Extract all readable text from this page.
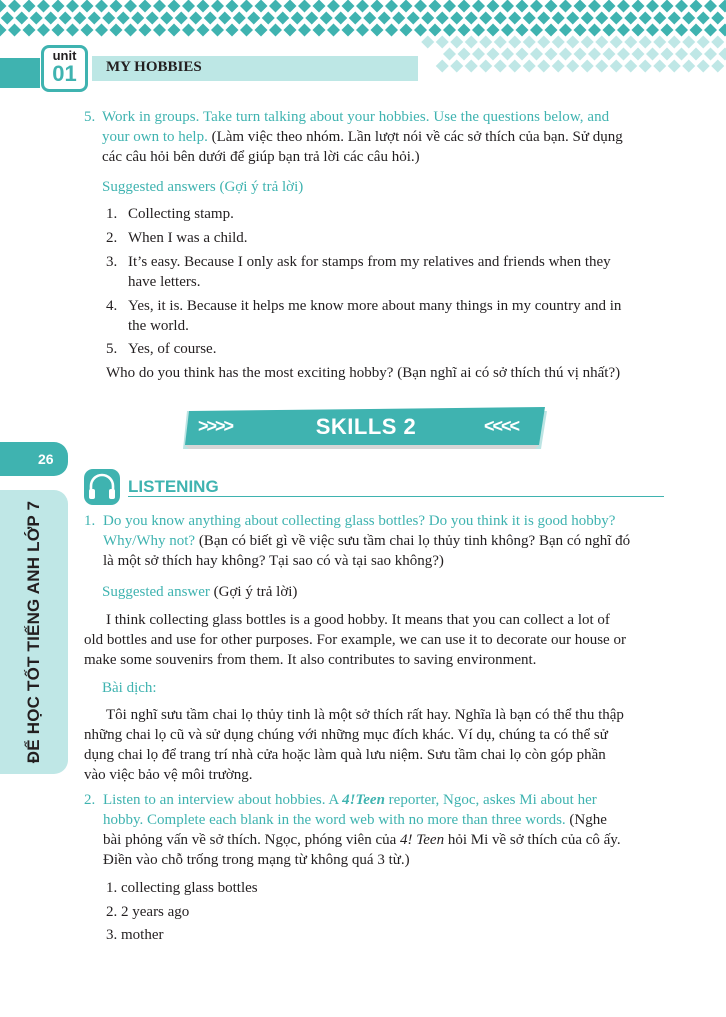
unit
01	MY HOBBIES
26
ĐỂ HỌC TỐT TIẾNG ANH LỚP 7
5. Work in groups. Take turn talking about your hobbies. Use the questions below, and
your own to help. (Làm việc theo nhóm. Lần lượt nói về các sở thích của bạn. Sử dụng
các câu hỏi bên dưới để giúp bạn trả lời các câu hỏi.)
Suggested answers (Gợi ý trả lời)
1. Collecting stamp.
2. When I was a child.
3. It’s easy. Because I only ask for stamps from my relatives and friends when they
have letters.
4. Yes, it is. Because it helps me know more about many things in my country and in
the world.
5. Yes, of course.
Who do you think has the most exciting hobby? (Bạn nghĩ ai có sở thích thú vị nhất?)
>>>>	SKILLS 2	<<<<
LISTENING
1. Do you know anything about collecting glass bottles? Do you think it is good hobby?
Why/Why not? (Bạn có biết gì về việc sưu tầm chai lọ thủy tinh không? Bạn có nghĩ đó
là một sở thích hay không? Tại sao có và tại sao không?)
Suggested answer (Gợi ý trả lời)
I think collecting glass bottles is a good hobby. It means that you can collect a lot of
old bottles and use for other purposes. For example, we can use it to decorate our house or
make some souvenirs from them. It also contributes to saving environment.
Bài dịch:
Tôi nghĩ sưu tầm chai lọ thủy tinh là một sở thích rất hay. Nghĩa là bạn có thể thu thập
những chai lọ cũ và sử dụng chúng với những mục đích khác. Ví dụ, chúng ta có thể sử
dụng chai lọ để trang trí nhà cửa hoặc làm quà lưu niệm. Sưu tầm chai lọ còn góp phần
vào việc bảo vệ môi trường.
2. Listen to an interview about hobbies. A 4!Teen reporter, Ngoc, askes Mi about her
hobby. Complete each blank in the word web with no more than three words. (Nghe
bài phỏng vấn về sở thích. Ngọc, phóng viên của 4! Teen hỏi Mi về sở thích của cô ấy.
Điền vào chỗ trống trong mạng từ không quá 3 từ.)
1. collecting glass bottles
2. 2 years ago
3. mother
